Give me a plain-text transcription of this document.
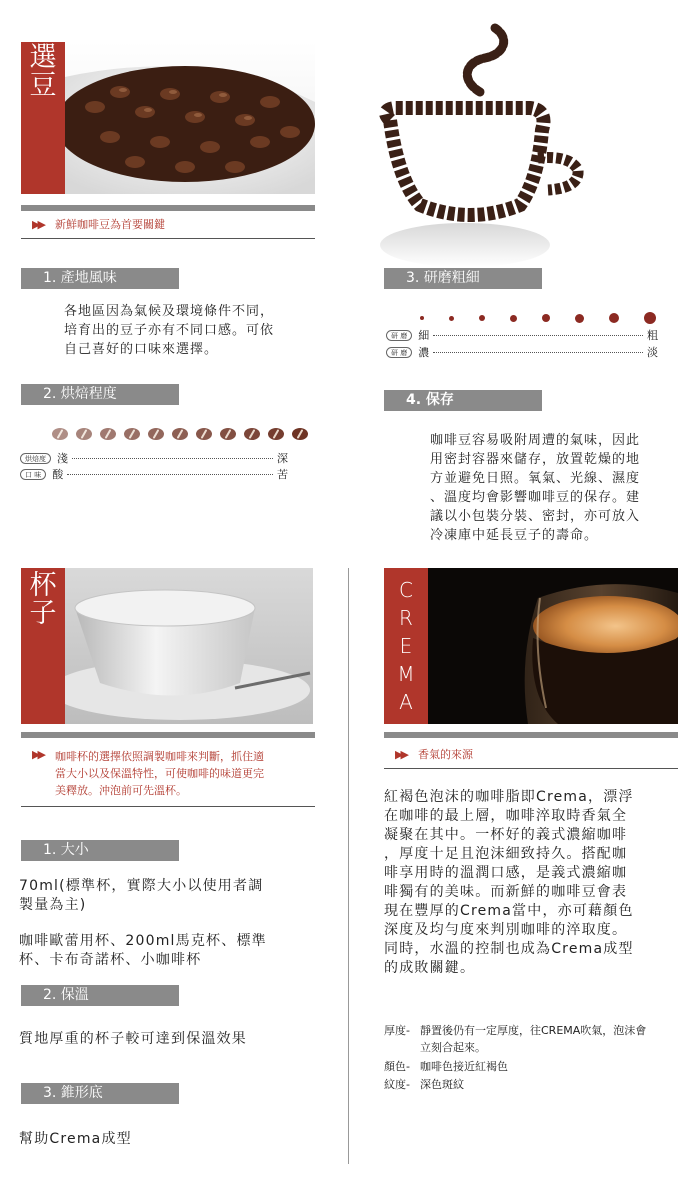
選
豆
▶▶ 新鮮咖啡豆為首要關鍵
1. 產地風味
各地區因為氣候及環境條件不同，
培育出的豆子亦有不同口感。可依
自己喜好的口味來選擇。
2. 烘焙程度
烘焙度	淺	深
口 味	酸	苦
3. 研磨粗細
研 磨	細	粗
研 磨	濃	淡
4. 保存
咖啡豆容易吸附周遭的氣味，因此
用密封容器來儲存，放置乾燥的地
方並避免日照。氧氣、光線、濕度
、溫度均會影響咖啡豆的保存。建
議以小包裝分裝、密封，亦可放入
冷凍庫中延長豆子的壽命。
杯
子
▶▶ 咖啡杯的選擇依照調製咖啡來判斷，抓住適
當大小以及保溫特性，可使咖啡的味道更完
美釋放。沖泡前可先溫杯。
1. 大小
70ml(標準杯，實際大小以使用者調
製量為主)
咖啡歐蕾用杯、200ml馬克杯、標準
杯、卡布奇諾杯、小咖啡杯
2. 保溫
質地厚重的杯子較可達到保溫效果
3. 錐形底
幫助Crema成型
C
R
E
M
A
▶▶ 香氣的來源
紅褐色泡沫的咖啡脂即Crema，漂浮
在咖啡的最上層，咖啡淬取時香氣全
凝聚在其中。一杯好的義式濃縮咖啡
，厚度十足且泡沫細致持久。搭配咖
啡享用時的溫潤口感，是義式濃縮咖
啡獨有的美味。而新鮮的咖啡豆會表
現在豐厚的Crema當中，亦可藉顏色
深度及均勻度來判別咖啡的淬取度。
同時，水溫的控制也成為Crema成型
的成敗關鍵。
厚度- 靜置後仍有一定厚度，往CREMA吹氣，泡沫會
立刻合起來。
顏色- 咖啡色接近紅褐色
紋度- 深色斑紋
